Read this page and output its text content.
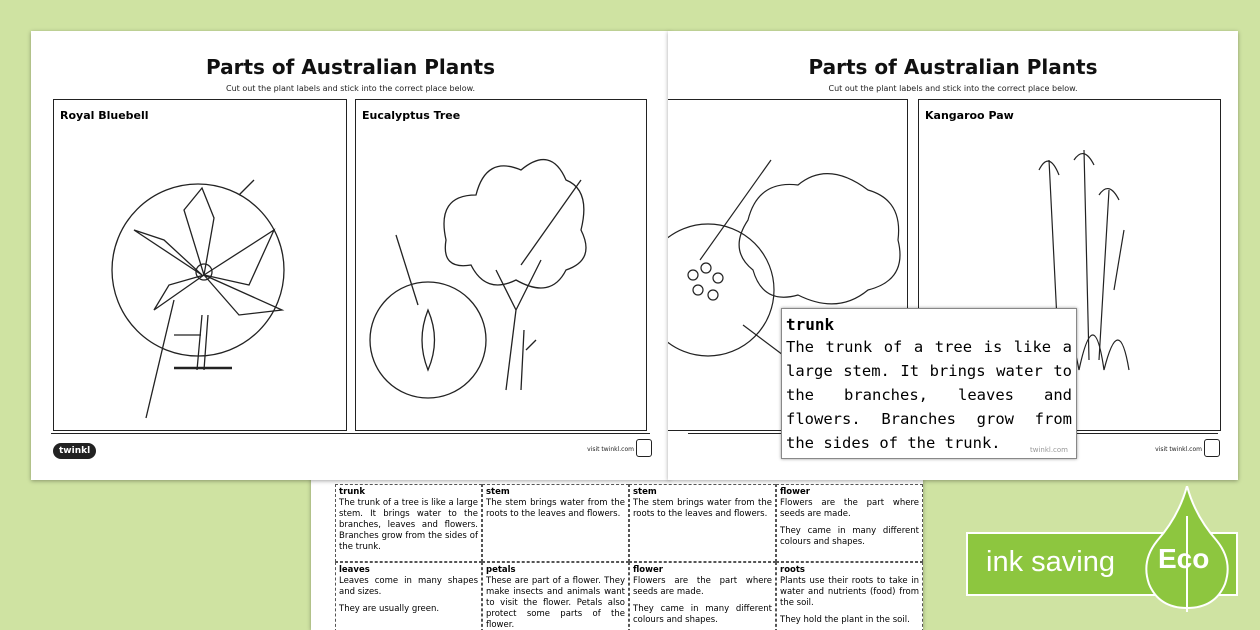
trunk

The trunk of a tree is like a large stem. It brings water to the branches, leaves and flowers. Branches grow from the sides of the trunk.

stem

The stem brings water from the roots to the leaves and flowers.

stem

The stem brings water from the roots to the leaves and flowers.

flower

Flowers are the part where seeds are made.

They came in many different colours and shapes.

leaves

Leaves come in many shapes and sizes.

They are usually green.

petals

These are part of a flower. They make insects and animals want to visit the flower. Petals also protect some parts of the flower.

flower

Flowers are the part where seeds are made.

They came in many different colours and shapes.

roots

Plants use their roots to take in water and nutrients (food) from the soil.

They hold the plant in the soil.

Parts of Australian Plants
Cut out the plant labels and stick into the correct place below.
Royal Bluebell	Eucalyptus Tree
twinkl	visit twinkl.com
Parts of Australian Plants
Cut out the plant labels and stick into the correct place below.
Kangaroo Paw
visit twinkl.com
trunk

The trunk of a tree is like a large stem. It brings water to the branches, leaves and flowers. Branches grow from the sides of the trunk.	twinkl.com
ink saving Eco
